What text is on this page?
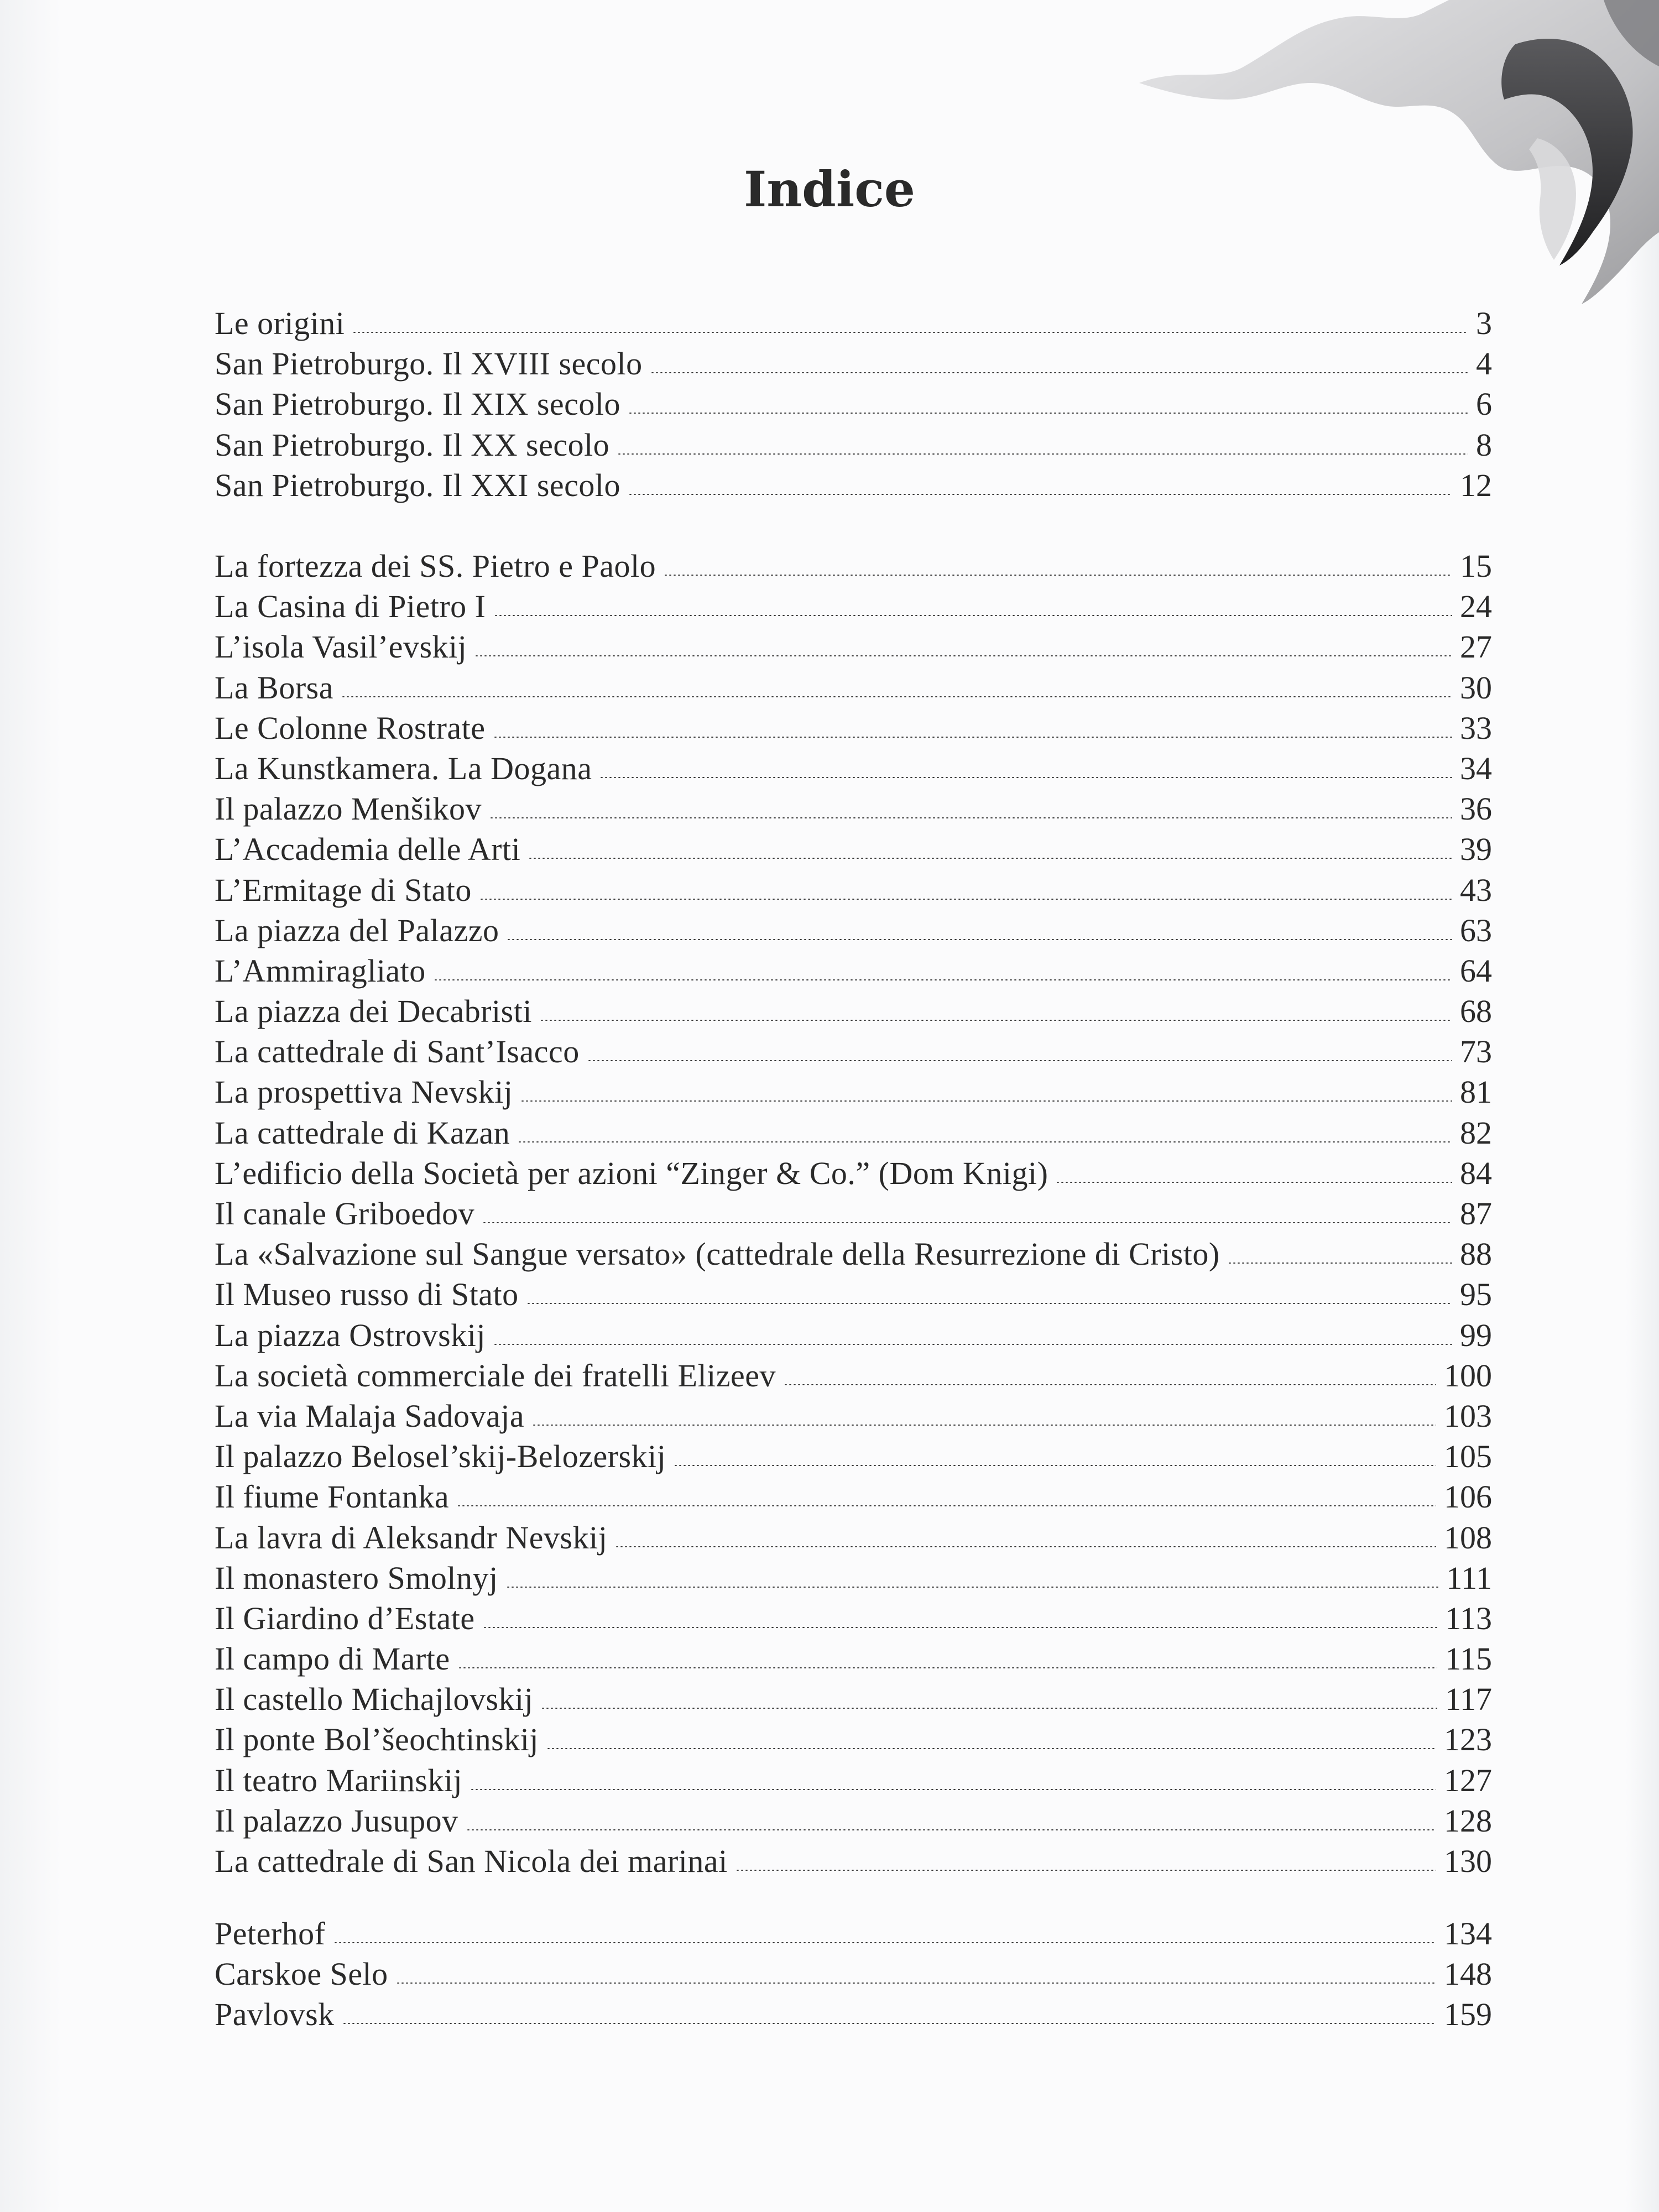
Indice
Le origini	3
San Pietroburgo. Il XVIII secolo	4
San Pietroburgo. Il XIX secolo	6
San Pietroburgo. Il XX secolo	8
San Pietroburgo. Il XXI secolo	12
La fortezza dei SS. Pietro e Paolo	15
La Casina di Pietro I	24
L’isola Vasil’evskij	27
La Borsa	30
Le Colonne Rostrate	33
La Kunstkamera. La Dogana	34
Il palazzo Menšikov	36
L’Accademia delle Arti	39
L’Ermitage di Stato	43
La piazza del Palazzo	63
L’Ammiragliato	64
La piazza dei Decabristi	68
La cattedrale di Sant’Isacco	73
La prospettiva Nevskij	81
La cattedrale di Kazan	82
L’edificio della Società per azioni “Zinger & Co.” (Dom Knigi)	84
Il canale Griboedov	87
La «Salvazione sul Sangue versato» (cattedrale della Resurrezione di Cristo)	88
Il Museo russo di Stato	95
La piazza Ostrovskij	99
La società commerciale dei fratelli Elizeev	100
La via Malaja Sadovaja	103
Il palazzo Belosel’skij-Belozerskij	105
Il fiume Fontanka	106
La lavra di Aleksandr Nevskij	108
Il monastero Smolnyj	111
Il Giardino d’Estate	113
Il campo di Marte	115
Il castello Michajlovskij	117
Il ponte Bol’šeochtinskij	123
Il teatro Mariinskij	127
Il palazzo Jusupov	128
La cattedrale di San Nicola dei marinai	130
Peterhof	134
Carskoe Selo	148
Pavlovsk	159
